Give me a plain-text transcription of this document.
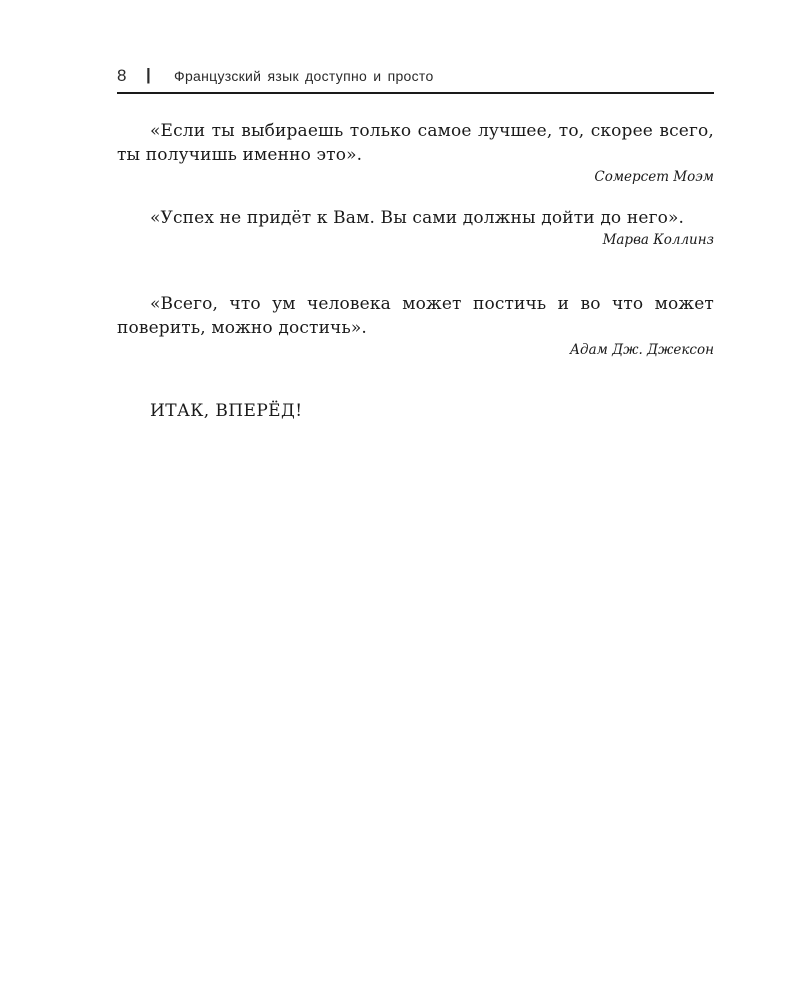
8 | Французский язык доступно и просто

«Если ты выбираешь только самое лучшее, то, скорее всего, ты получишь именно это».

Сомерсет Моэм

«Успех не придёт к Вам. Вы сами должны дойти до него».

Марва Коллинз

«Всего, что ум человека может постичь и во что может поверить, можно достичь».

Адам Дж. Джексон

ИТАК, ВПЕРЁД!
